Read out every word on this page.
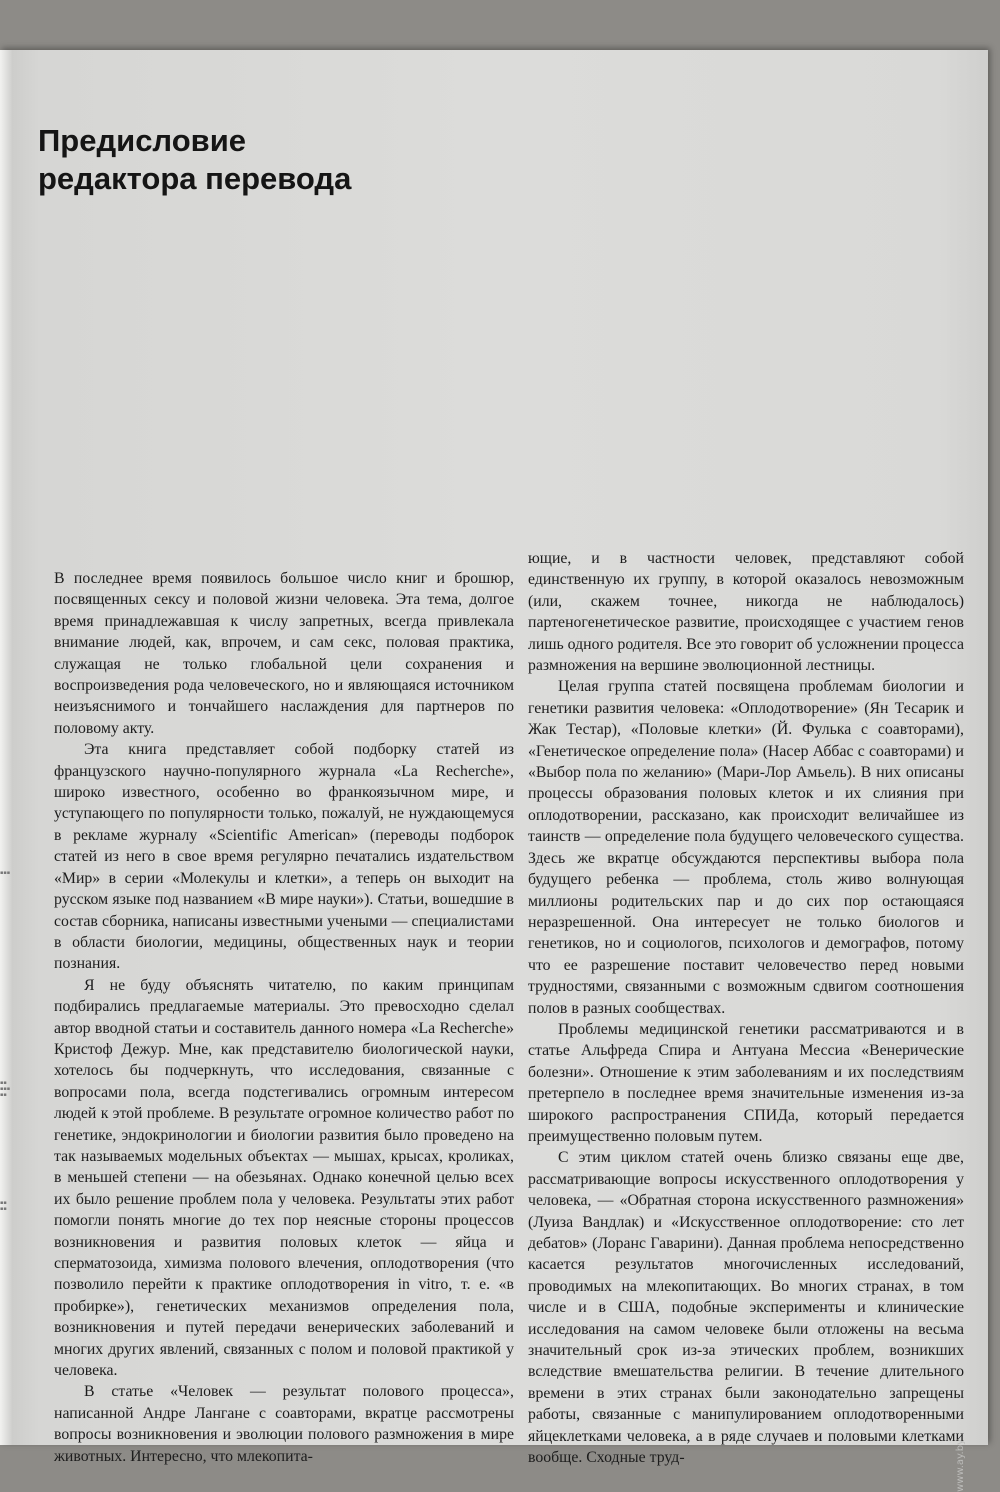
▪▪▪
▪▪
▪▪▪
▪▪
▪▪
▪▪
Предисловие
редактора перевода

В последнее время появилось большое число книг и брошюр, посвященных сексу и половой жизни человека. Эта тема, долгое время принадлежавшая к числу запретных, всегда привлекала внимание людей, как, впрочем, и сам секс, половая практика, служащая не только глобальной цели сохранения и воспроизведения рода человеческого, но и являющаяся источником неизъяснимого и тончайшего наслаждения для партнеров по половому акту.

Эта книга представляет собой подборку статей из французского научно-популярного журнала «La Recherche», широко известного, особенно во франкоязычном мире, и уступающего по популярности только, пожалуй, не нуждающемуся в рекламе журналу «Scientific American» (переводы подборок статей из него в свое время регулярно печатались издательством «Мир» в серии «Молекулы и клетки», а теперь он выходит на русском языке под названием «В мире науки»). Статьи, вошедшие в состав сборника, написаны известными учеными — специалистами в области биологии, медицины, общественных наук и теории познания.

Я не буду объяснять читателю, по каким принципам подбирались предлагаемые материалы. Это превосходно сделал автор вводной статьи и составитель данного номера «La Recherche» Кристоф Дежур. Мне, как представителю биологической науки, хотелось бы подчеркнуть, что исследования, связанные с вопросами пола, всегда подстегивались огромным интересом людей к этой проблеме. В результате огромное количество работ по генетике, эндокринологии и биологии развития было проведено на так называемых модельных объектах — мышах, крысах, кроликах, в меньшей степени — на обезьянах. Однако конечной целью всех их было решение проблем пола у человека. Результаты этих работ помогли понять многие до тех пор неясные стороны процессов возникновения и развития половых клеток — яйца и сперматозоида, химизма полового влечения, оплодотворения (что позволило перейти к практике оплодотворения in vitro, т. е. «в пробирке»), генетических механизмов определения пола, возникновения и путей передачи венерических заболеваний и многих других явлений, связанных с полом и половой практикой у человека.

В статье «Человек — результат полового процесса», написанной Андре Лангане с соавторами, вкратце рассмотрены вопросы возникновения и эволюции полового размножения в мире животных. Интересно, что млекопита-

ющие, и в частности человек, представляют собой единственную их группу, в которой оказалось невозможным (или, скажем точнее, никогда не наблюдалось) партеногенетическое развитие, происходящее с участием генов лишь одного родителя. Все это говорит об усложнении процесса размножения на вершине эволюционной лестницы.

Целая группа статей посвящена проблемам биологии и генетики развития человека: «Оплодотворение» (Ян Тесарик и Жак Тестар), «Половые клетки» (Й. Фулька с соавторами), «Генетическое определение пола» (Насер Аббас с соавторами) и «Выбор пола по желанию» (Мари-Лор Амьель). В них описаны процессы образования половых клеток и их слияния при оплодотворении, рассказано, как происходит величайшее из таинств — определение пола будущего человеческого существа. Здесь же вкратце обсуждаются перспективы выбора пола будущего ребенка — проблема, столь живо волнующая миллионы родительских пар и до сих пор остающаяся неразрешенной. Она интересует не только биологов и генетиков, но и социологов, психологов и демографов, потому что ее разрешение поставит человечество перед новыми трудностями, связанными с возможным сдвигом соотношения полов в разных сообществах.

Проблемы медицинской генетики рассматриваются и в статье Альфреда Спира и Антуана Мессиа «Венерические болезни». Отношение к этим заболеваниям и их последствиям претерпело в последнее время значительные изменения из-за широкого распространения СПИДа, который передается преимущественно половым путем.

С этим циклом статей очень близко связаны еще две, рассматривающие вопросы искусственного оплодотворения у человека, — «Обратная сторона искусственного размножения» (Луиза Вандлак) и «Искусственное оплодотворение: сто лет дебатов» (Лоранс Гаварини). Данная проблема непосредственно касается результатов многочисленных исследований, проводимых на млекопитающих. Во многих странах, в том числе и в США, подобные эксперименты и клинические исследования на самом человеке были отложены на весьма значительный срок из-за этических проблем, возникших вследствие вмешательства религии. В течение длительного времени в этих странах были законодательно запрещены работы, связанные с манипулированием оплодотворенными яйцеклетками человека, а в ряде случаев и половыми клетками вообще. Сходные труд-	www.ay.by
